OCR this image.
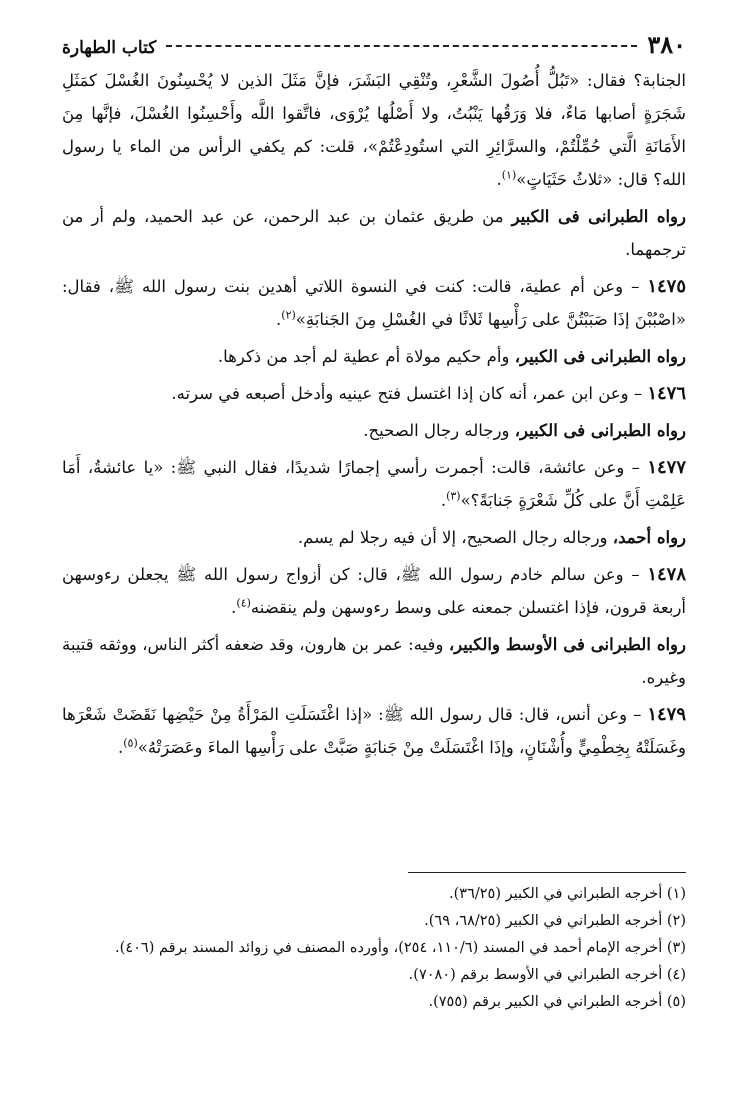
٣٨٠
كتاب الطهارة

الجنابة؟ فقال: «تَبُلُّ أُصُولَ الشَّعْرِ، وتُنْقِي البَشَرَ، فإنَّ مَثَلَ الذين لا يُحْسِنُونَ الغُسْلَ كمَثَلِ شَجَرَةٍ أصابها مَاءٌ، فلا وَرَقُها يَنْبُتُ، ولا أَصْلُها يُرْوَى، فاتَّقوا اللَّه وأَحْسِنُوا الغُسْلَ، فإنَّها مِنَ الأَمَانَةِ الَّتي حُمِّلْتُمْ، والسرَّائِرِ التي استُودِعْتُمْ»، قلت: كم يكفي الرأس من الماء يا رسول الله؟ قال: «ثلاثُ حَثَيَاتٍ»$^{(١)}$.

رواه الطبرانى فى الكبير من طريق عثمان بن عبد الرحمن، عن عبد الحميد، ولم أر من ترجمهما.

١٤٧٥ – وعن أم عطية، قالت: كنت في النسوة اللاتي أهدين بنت رسول الله ﷺ، فقال: «اصْبُبْنَ إذَا صَبَبْتُنَّ على رَأْسِها ثَلاثًا في الغُسْلِ مِنَ الجَنابَةِ»$^{(٢)}$.

رواه الطبرانى فى الكبير، وأم حكيم مولاة أم عطية لم أجد من ذكرها.

١٤٧٦ – وعن ابن عمر، أنه كان إذا اغتسل فتح عينيه وأدخل أصبعه في سرته.

رواه الطبرانى فى الكبير، ورجاله رجال الصحيح.

١٤٧٧ – وعن عائشة، قالت: أجمرت رأسي إجمارًا شديدًا، فقال النبي ﷺ: «يا عائشةُ، أَمَا عَلِمْتِ أَنَّ على كُلِّ شَعْرَةٍ جَنابَةً؟»$^{(٣)}$.

رواه أحمد، ورجاله رجال الصحيح، إلا أن فيه رجلا لم يسم.

١٤٧٨ – وعن سالم خادم رسول الله ﷺ، قال: كن أزواج رسول الله ﷺ يجعلن رءوسهن أربعة قرون، فإذا اغتسلن جمعنه على وسط رءوسهن ولم ينقضنه$^{(٤)}$.

رواه الطبرانى فى الأوسط والكبير، وفيه: عمر بن هارون، وقد ضعفه أكثر الناس، ووثقه قتيبة وغيره.

١٤٧٩ – وعن أنس، قال: قال رسول الله ﷺ: «إذا اغْتَسَلَتِ المَرْأَةُ مِنْ حَيْضِها نَقَضَتْ شَعْرَها وغَسَلَتْهُ بِخِطْمِيٍّ وأُشْنَانٍ، وإذَا اغْتَسَلَتْ مِنْ جَنابَةٍ صَبَّتْ على رَأْسِها الماءَ وعَصَرَتْهُ»$^{(٥)}$.

(١) أخرجه الطبراني في الكبير (٣٦/٢٥).

(٢) أخرجه الطبراني في الكبير (٦٨/٢٥، ٦٩).

(٣) أخرجه الإمام أحمد في المسند (١١٠/٦، ٢٥٤)، وأورده المصنف في زوائد المسند برقم (٤٠٦).

(٤) أخرجه الطبراني في الأوسط برقم (٧٠٨٠).

(٥) أخرجه الطبراني في الكبير برقم (٧٥٥).
